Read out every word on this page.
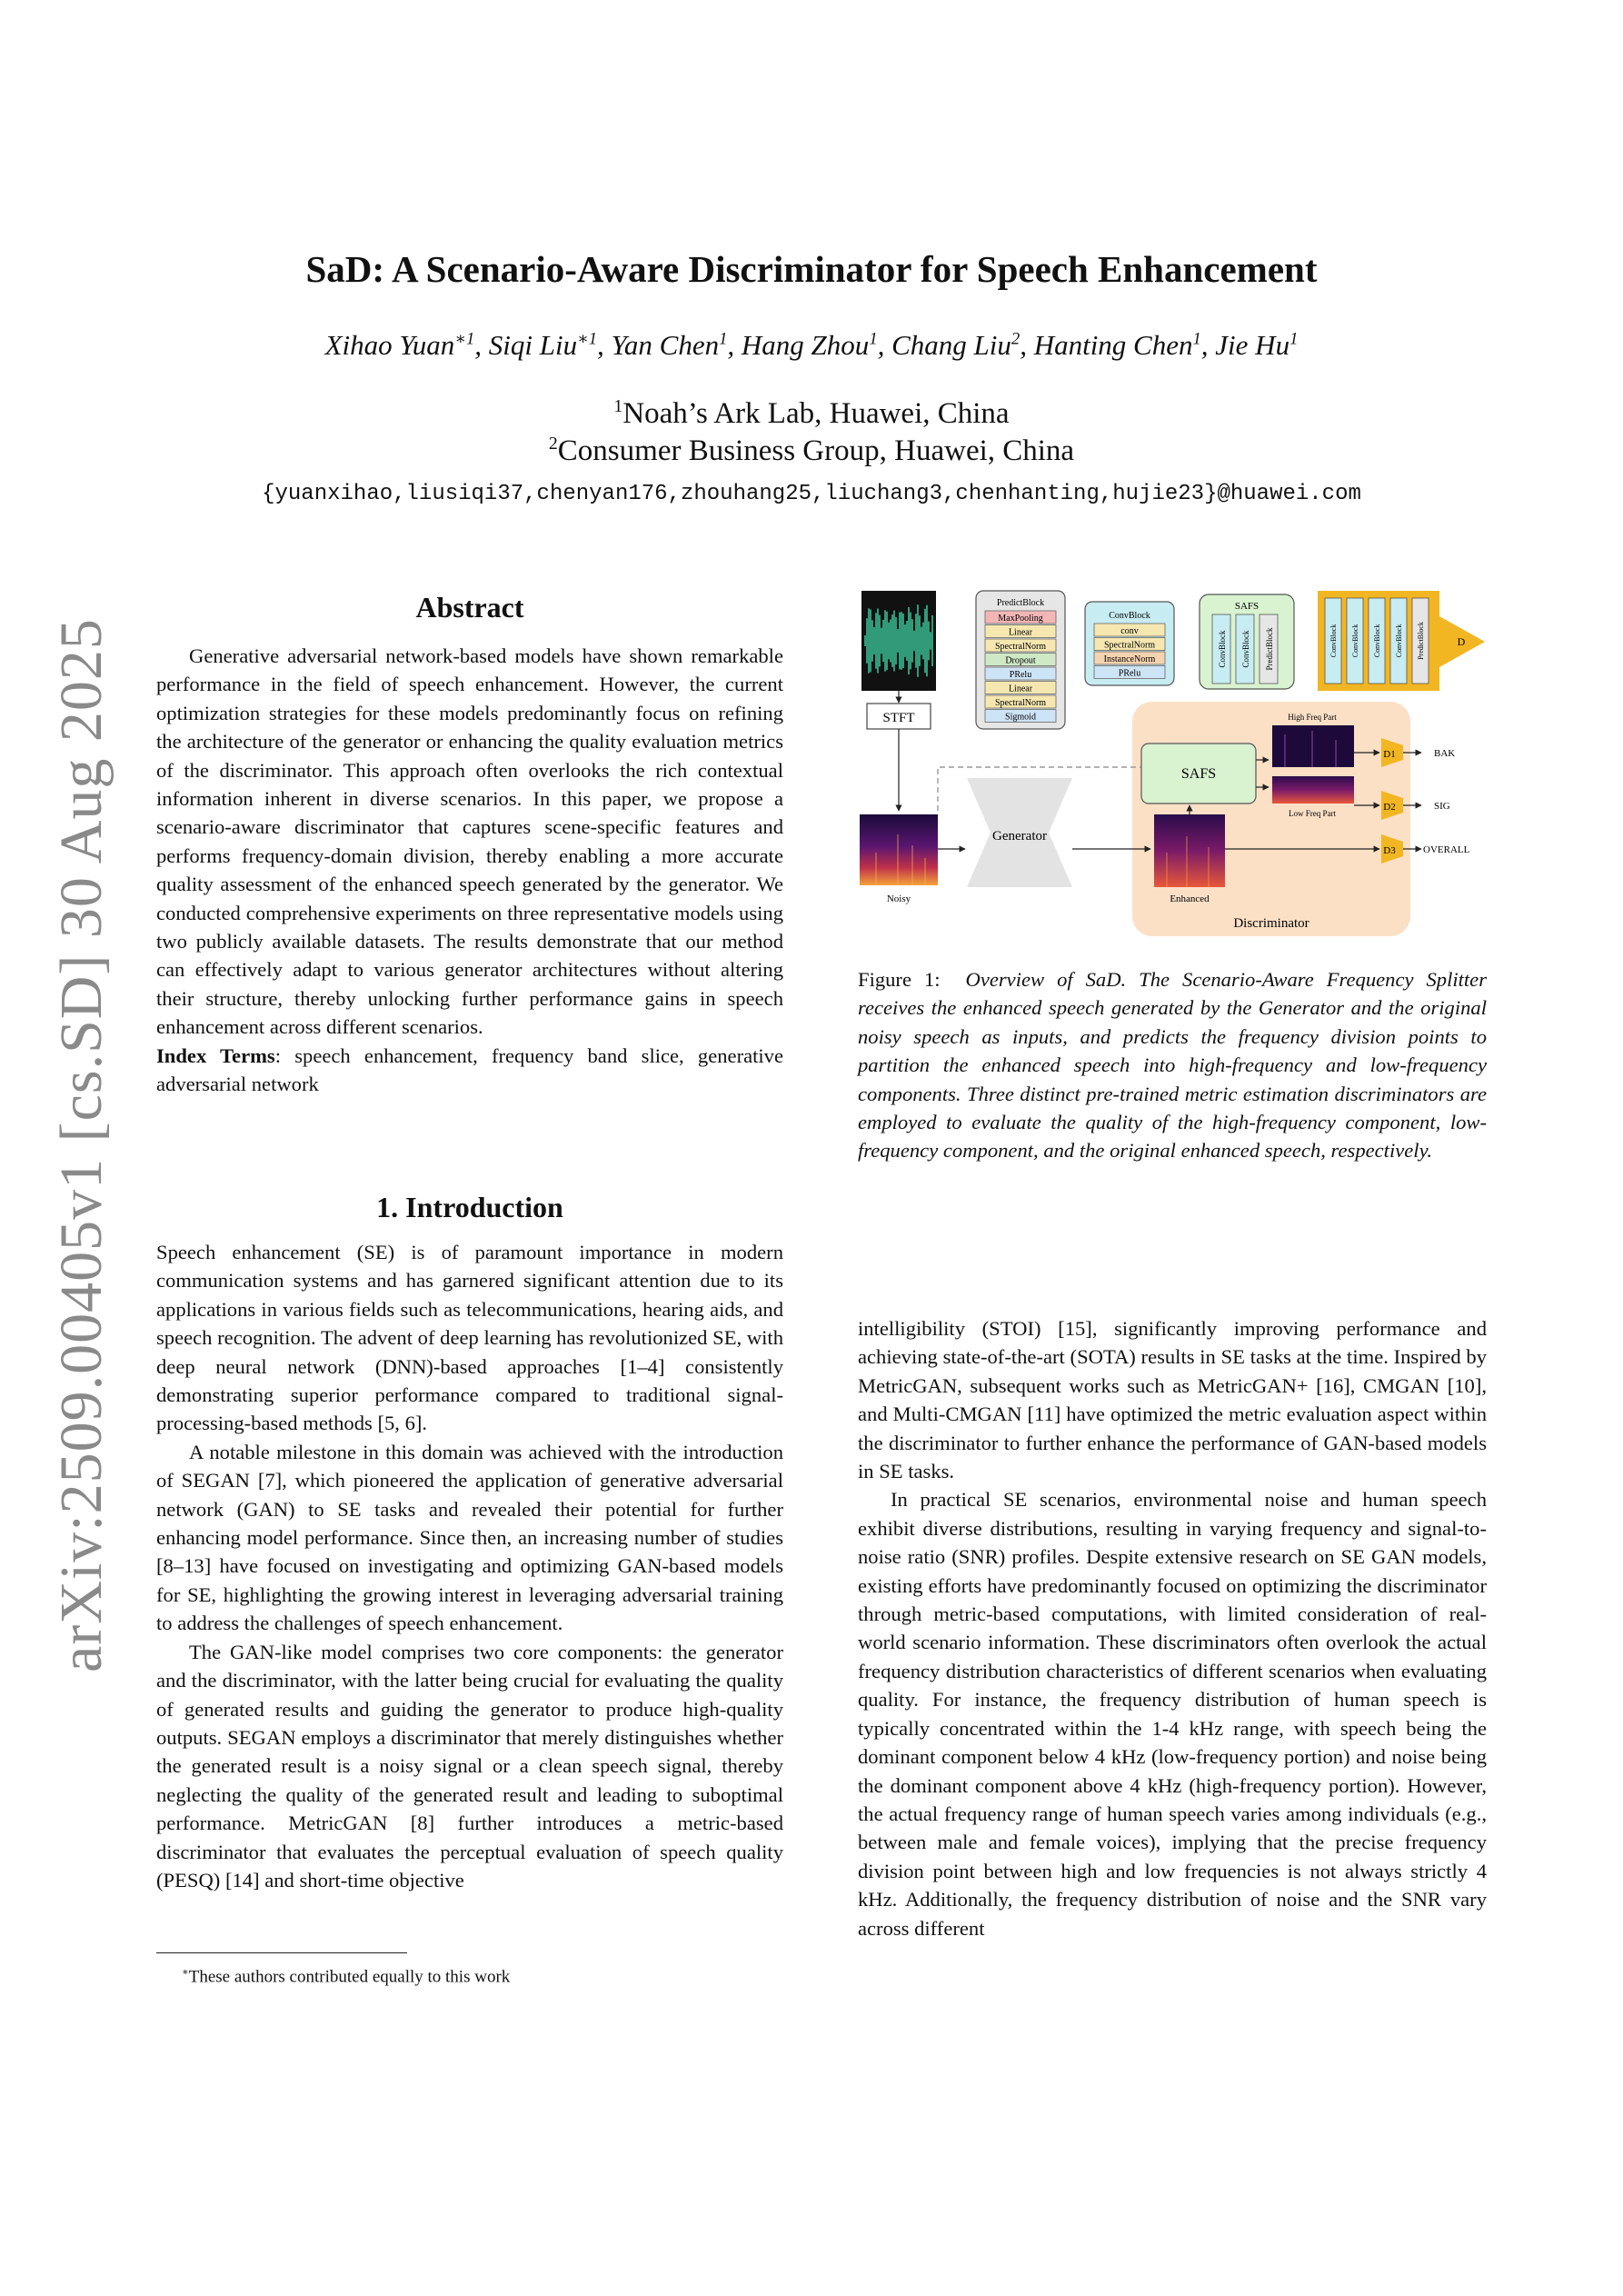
arXiv:2509.00405v1 [cs.SD] 30 Aug 2025
SaD: A Scenario-Aware Discriminator for Speech Enhancement
Xihao Yuan$^{∗1}$, Siqi Liu$^{∗1}$, Yan Chen$^1$, Hang Zhou$^1$, Chang Liu$^2$, Hanting Chen$^1$, Jie Hu$^1$
$^1$Noah’s Ark Lab, Huawei, China
$^2$Consumer Business Group, Huawei, China
{yuanxihao,liusiqi37,chenyan176,zhouhang25,liuchang3,chenhanting,hujie23}@huawei.com
Abstract

Generative adversarial network-based models have shown remarkable performance in the field of speech enhancement. However, the current optimization strategies for these models predominantly focus on refining the architecture of the generator or enhancing the quality evaluation metrics of the discriminator. This approach often overlooks the rich contextual information inherent in diverse scenarios. In this paper, we propose a scenario-aware discriminator that captures scene-specific features and performs frequency-domain division, thereby enabling a more accurate quality assessment of the enhanced speech generated by the generator. We conducted comprehensive experiments on three representative models using two publicly available datasets. The results demonstrate that our method can effectively adapt to various generator architectures without altering their structure, thereby unlocking further performance gains in speech enhancement across different scenarios.

Index Terms: speech enhancement, frequency band slice, generative adversarial network

1. Introduction

Speech enhancement (SE) is of paramount importance in modern communication systems and has garnered significant attention due to its applications in various fields such as telecommunications, hearing aids, and speech recognition. The advent of deep learning has revolutionized SE, with deep neural network (DNN)-based approaches [1–4] consistently demonstrating superior performance compared to traditional signal-processing-based methods [5, 6].

A notable milestone in this domain was achieved with the introduction of SEGAN [7], which pioneered the application of generative adversarial network (GAN) to SE tasks and revealed their potential for further enhancing model performance. Since then, an increasing number of studies [8–13] have focused on investigating and optimizing GAN-based models for SE, highlighting the growing interest in leveraging adversarial training to address the challenges of speech enhancement.

The GAN-like model comprises two core components: the generator and the discriminator, with the latter being crucial for evaluating the quality of generated results and guiding the generator to produce high-quality outputs. SEGAN employs a discriminator that merely distinguishes whether the generated result is a noisy signal or a clean speech signal, thereby neglecting the quality of the generated result and leading to suboptimal performance. MetricGAN [8] further introduces a metric-based discriminator that evaluates the perceptual evaluation of speech quality (PESQ) [14] and short-time objective

∗These authors contributed equally to this work
Figure 1: Overview of SaD. The Scenario-Aware Frequency Splitter receives the enhanced speech generated by the Generator and the original noisy speech as inputs, and predicts the frequency division points to partition the enhanced speech into high-frequency and low-frequency components. Three distinct pre-trained metric estimation discriminators are employed to evaluate the quality of the high-frequency component, low-frequency component, and the original enhanced speech, respectively.

intelligibility (STOI) [15], significantly improving performance and achieving state-of-the-art (SOTA) results in SE tasks at the time. Inspired by MetricGAN, subsequent works such as MetricGAN+ [16], CMGAN [10], and Multi-CMGAN [11] have optimized the metric evaluation aspect within the discriminator to further enhance the performance of GAN-based models in SE tasks.

In practical SE scenarios, environmental noise and human speech exhibit diverse distributions, resulting in varying frequency and signal-to-noise ratio (SNR) profiles. Despite extensive research on SE GAN models, existing efforts have predominantly focused on optimizing the discriminator through metric-based computations, with limited consideration of real-world scenario information. These discriminators often overlook the actual frequency distribution characteristics of different scenarios when evaluating quality. For instance, the frequency distribution of human speech is typically concentrated within the 1-4 kHz range, with speech being the dominant component below 4 kHz (low-frequency portion) and noise being the dominant component above 4 kHz (high-frequency portion). However, the actual frequency range of human speech varies among individuals (e.g., between male and female voices), implying that the precise frequency division point between high and low frequencies is not always strictly 4 kHz. Additionally, the frequency distribution of noise and the SNR vary across different

Discriminator
STFT
Noisy
Generator
Enhanced
SAFS
High Freq Part
Low Freq Part
D1
D2
D3
BAK
SIG
OVERALL
PredictBlock
MaxPooling
Linear
SpectralNorm
Dropout
PRelu
Linear
SpectralNorm
Sigmoid
ConvBlock
conv
SpectralNorm
InstanceNorm
PRelu
SAFS
ConvBlock ConvBlock PredictBlock	D
ConvBlock ConvBlock ConvBlock ConvBlock PredictBlock
